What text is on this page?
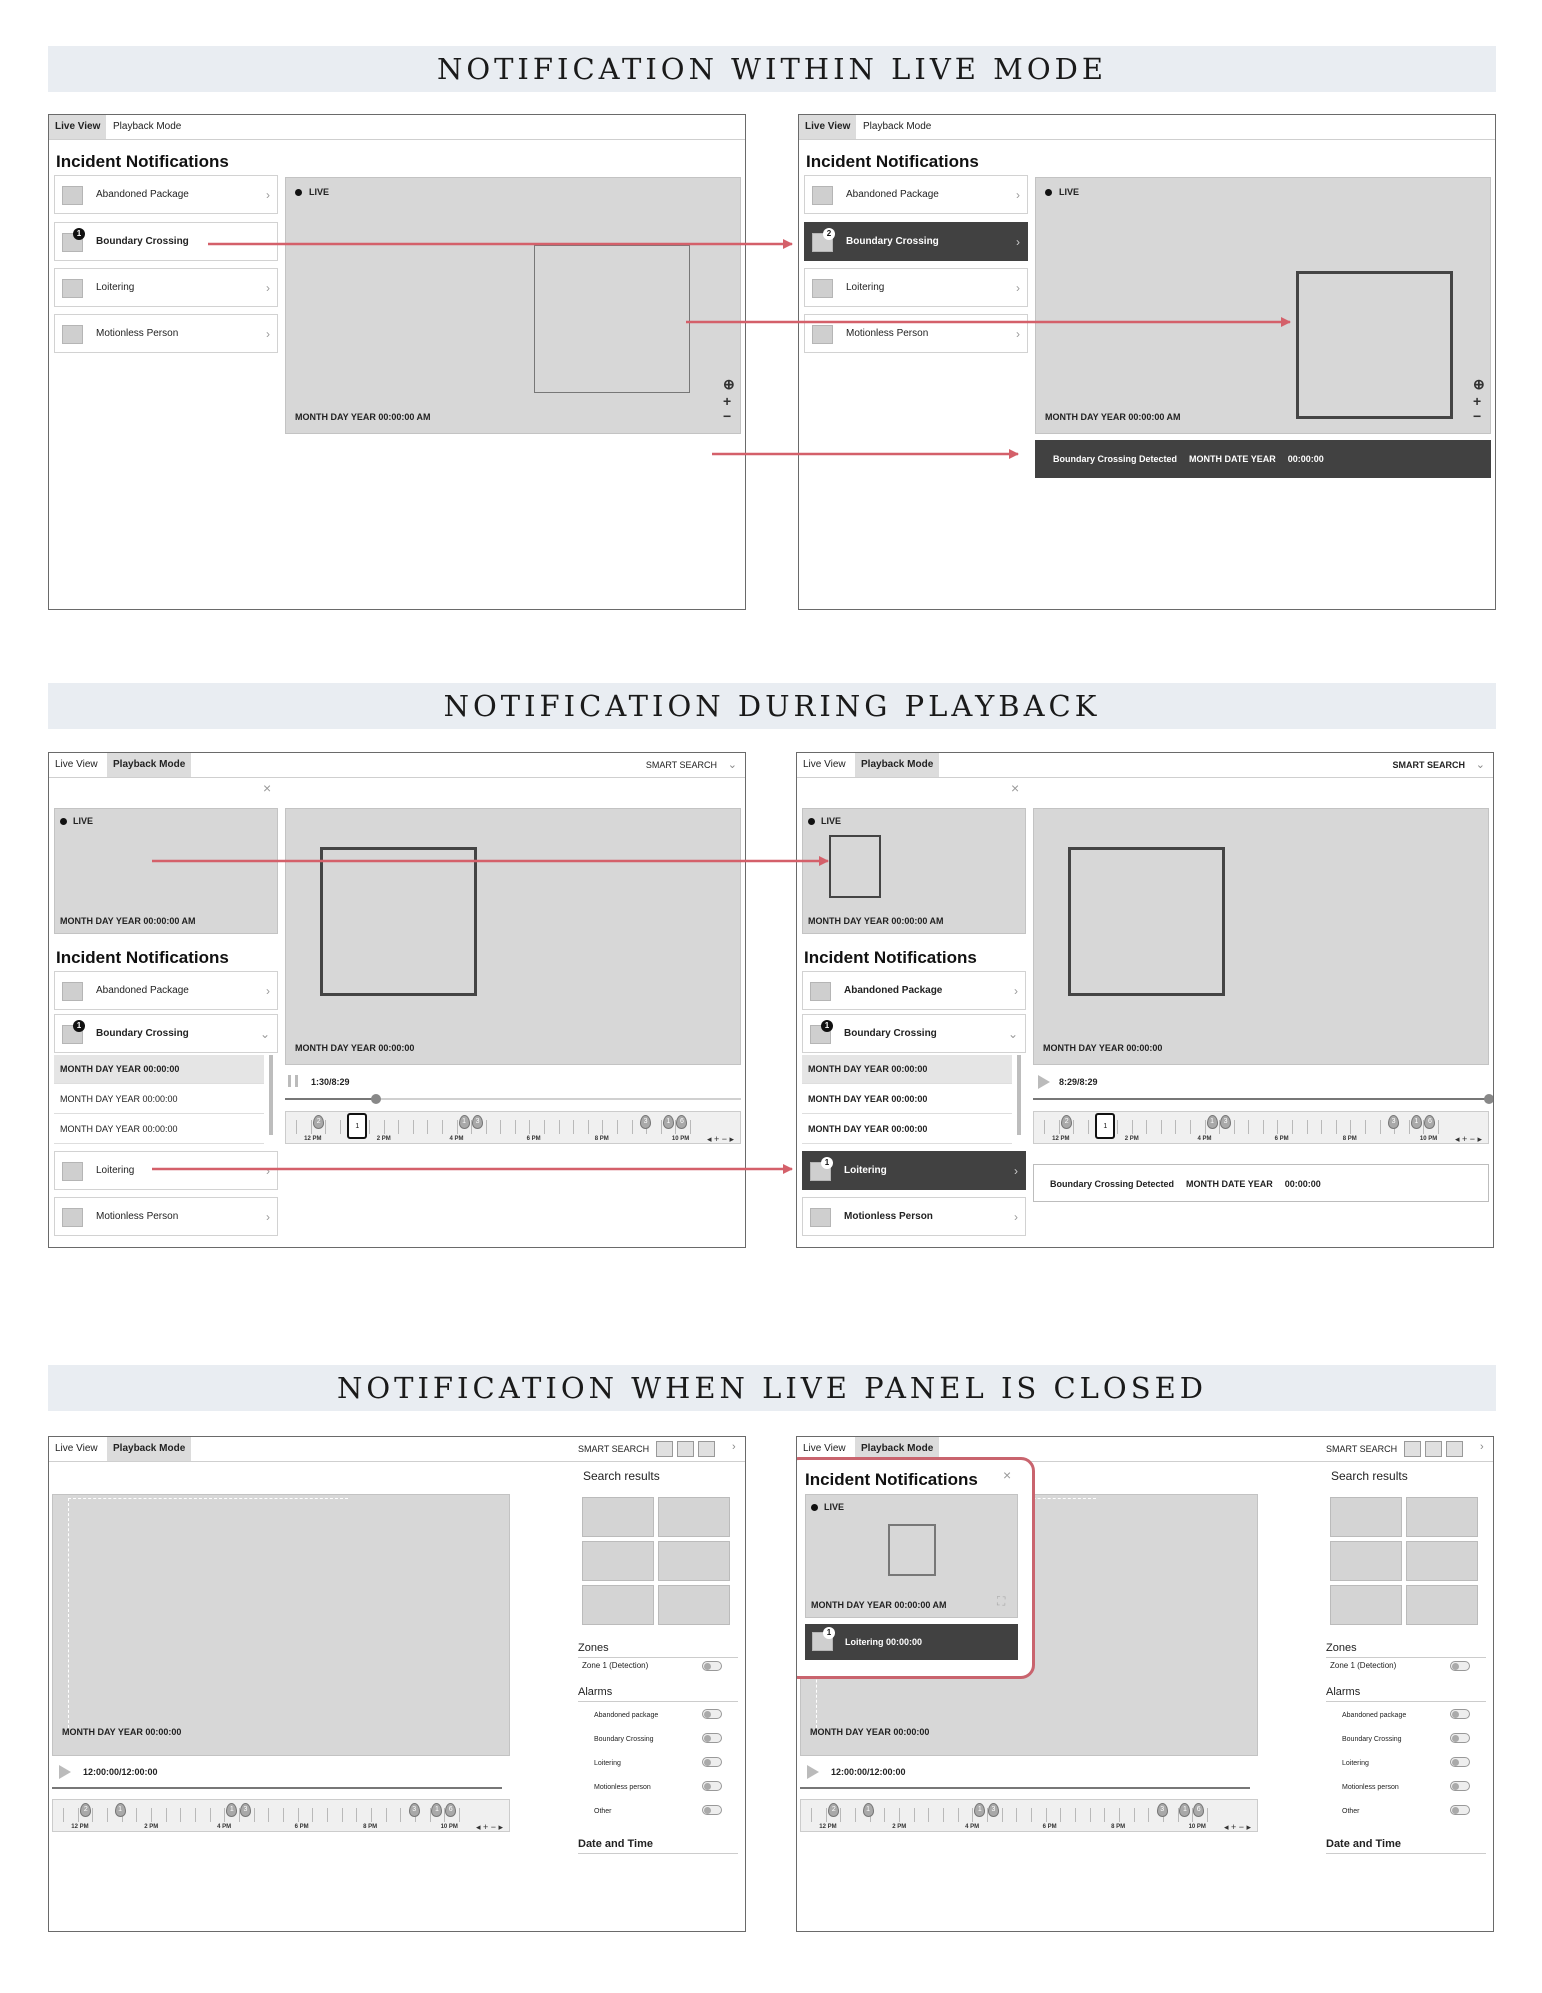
NOTIFICATION WITHIN LIVE MODE
Live View	Playback Mode
Incident Notifications
Abandoned Package	›
1
Boundary Crossing
Loitering	›
Motionless Person	›
LIVE
MONTH DAY YEAR 00:00:00 AM
⊕
+
−
Live View	Playback Mode
Incident Notifications
Abandoned Package	›
2
Boundary Crossing	›
Loitering	›
Motionless Person	›
LIVE
MONTH DAY YEAR 00:00:00 AM
⊕
+
−
Boundary Crossing Detected MONTH DATE YEAR 00:00:00
NOTIFICATION DURING PLAYBACK
Live View	Playback Mode	SMART SEARCH ⌄
×
LIVE
MONTH DAY YEAR 00:00:00 AM
Incident Notifications
Abandoned Package	›
1
Boundary Crossing	⌄
MONTH DAY YEAR 00:00:00
MONTH DAY YEAR 00:00:00
MONTH DAY YEAR 00:00:00
Loitering	›
Motionless Person	›
MONTH DAY YEAR 00:00:00
1:30/8:29
2
1
1	3	3	1	6
12 PM	2 PM	4 PM	6 PM	8 PM	10 PM ◂ + − ▸
Live View	Playback Mode	SMART SEARCH ⌄
×
LIVE
MONTH DAY YEAR 00:00:00 AM
Incident Notifications
Abandoned Package	›
1
Boundary Crossing	⌄
MONTH DAY YEAR 00:00:00
MONTH DAY YEAR 00:00:00
MONTH DAY YEAR 00:00:00
1
Loitering	›
Motionless Person	›
MONTH DAY YEAR 00:00:00
8:29/8:29
2
1
1	3	3	1	6
12 PM	2 PM	4 PM	6 PM	8 PM	10 PM ◂ + − ▸
Boundary Crossing Detected MONTH DATE YEAR 00:00:00
NOTIFICATION WHEN LIVE PANEL IS CLOSED
Live View	Playback Mode
MONTH DAY YEAR 00:00:00
12:00:00/12:00:00
2	1	1	3	3	1	6
12 PM	2 PM	4 PM	6 PM	8 PM	10 PM ◂ + − ▸
SMART SEARCH	›
Search results
Zones
Zone 1 (Detection)
Alarms
Abandoned package
Boundary Crossing
Loitering
Motionless person
Other
Date and Time
Live View	Playback Mode
MONTH DAY YEAR 00:00:00
12:00:00/12:00:00
2	1	1	3	3	1	6
12 PM	2 PM	4 PM	6 PM	8 PM	10 PM ◂ + − ▸
Incident Notifications ×
LIVE
MONTH DAY YEAR 00:00:00 AM	⛶
1
Loitering 00:00:00
SMART SEARCH	›
Search results
Zones
Zone 1 (Detection)
Alarms
Abandoned package
Boundary Crossing
Loitering
Motionless person
Other
Date and Time
